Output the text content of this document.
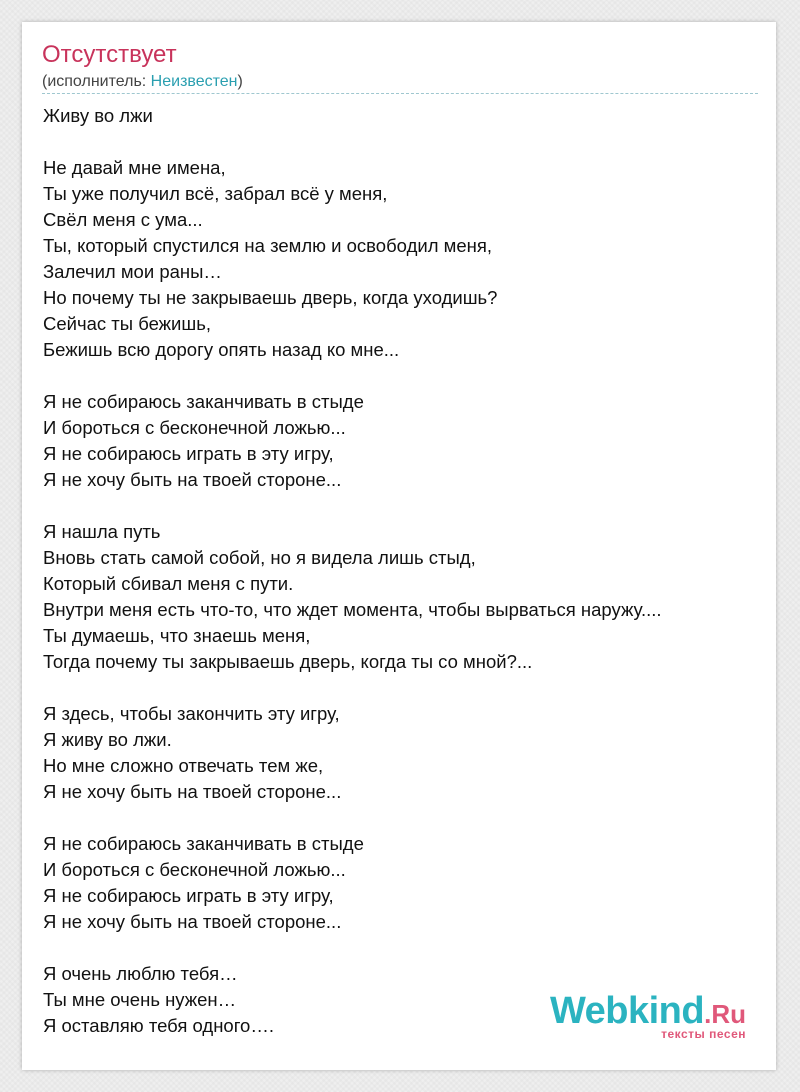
Отсутствует
(исполнитель: Неизвестен)
Живу во лжи
Не давай мне имена,
Ты уже получил всё, забрал всё у меня,
Свёл меня с ума...
Ты, который спустился на землю и освободил меня,
Залечил мои раны…
Но почему ты не закрываешь дверь, когда уходишь?
Сейчас ты бежишь,
Бежишь всю дорогу опять назад ко мне...
Я не собираюсь заканчивать в стыде
И бороться с бесконечной ложью...
Я не собираюсь играть в эту игру,
Я не хочу быть на твоей стороне...
Я нашла путь
Вновь стать самой собой, но я видела лишь стыд,
Который сбивал меня с пути.
Внутри меня есть что-то, что ждет момента, чтобы вырваться наружу....
Ты думаешь, что знаешь меня,
Тогда почему ты закрываешь дверь, когда ты со мной?...
Я здесь, чтобы закончить эту игру,
Я живу во лжи.
Но мне сложно отвечать тем же,
Я не хочу быть на твоей стороне...
Я не собираюсь заканчивать в стыде
И бороться с бесконечной ложью...
Я не собираюсь играть в эту игру,
Я не хочу быть на твоей стороне...
Я очень люблю тебя…
Ты мне очень нужен…
Я оставляю тебя одного….	Webkind.Ru
тексты песен
